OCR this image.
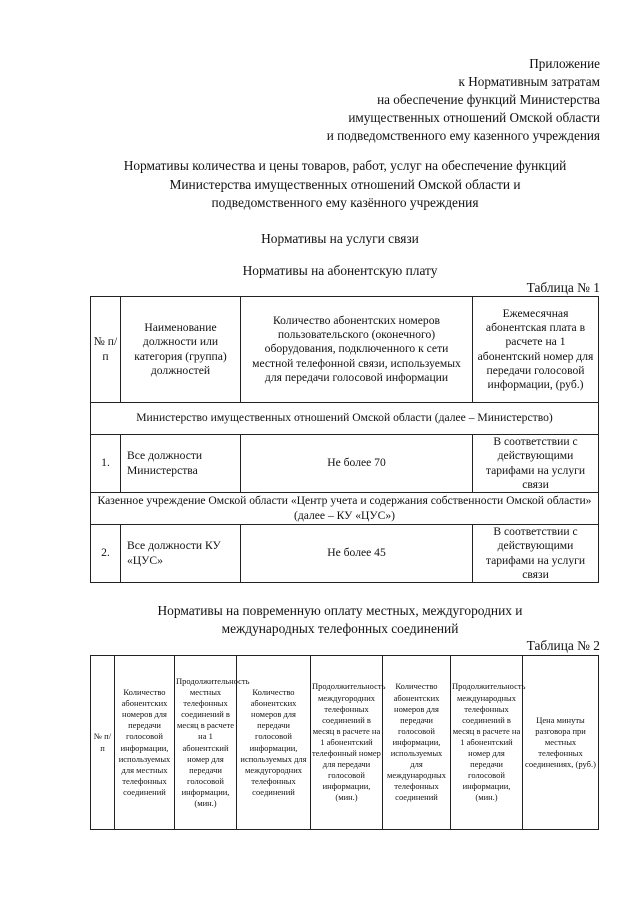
Приложение
к Нормативным затратам
на обеспечение функций Министерства
имущественных отношений Омской области
и подведомственного ему казенного учреждения
Нормативы количества и цены товаров, работ, услуг на обеспечение функций
Министерства имущественных отношений Омской области и
подведомственного ему казённого учреждения
Нормативы на услуги связи
Нормативы на абонентскую плату
Таблица № 1
№ п/п	Наименование должности или категория (группа) должностей	Количество абонентских номеров пользовательского (оконечного) оборудования, подключенного к сети местной телефонной связи, используемых для передачи голосовой информации	Ежемесячная абонентская плата в расчете на 1 абонентский номер для передачи голосовой информации, (руб.)
Министерство имущественных отношений Омской области (далее – Министерство)			
1.	Все должности Министерства	Не более 70	В соответствии с действующими тарифами на услуги связи
Казенное учреждение Омской области «Центр учета и содержания собственности Омской области» (далее – КУ «ЦУС»)			
2.	Все должности КУ «ЦУС»	Не более 45	В соответствии с действующими тарифами на услуги связи
Нормативы на повременную оплату местных, междугородних и
международных телефонных соединений
Таблица № 2
№ п/п	Количество абонентских номеров для передачи голосовой информации, используемых для местных телефонных соединений	Продолжительность местных телефонных соединений в месяц в расчете на 1 абонентский номер для передачи голосовой информации, (мин.)	Количество абонентских номеров для передачи голосовой информации, используемых для междугородних телефонных соединений	Продолжительность междугородних телефонных соединений в месяц в расчете на 1 абонентский телефонный номер для передачи голосовой информации, (мин.)	Количество абонентских номеров для передачи голосовой информации, используемых для международных телефонных соединений	Продолжительность международных телефонных соединений в месяц в расчете на 1 абонентский номер для передачи голосовой информации, (мин.)	Цена минуты разговора при местных телефонных соединениях, (руб.)
